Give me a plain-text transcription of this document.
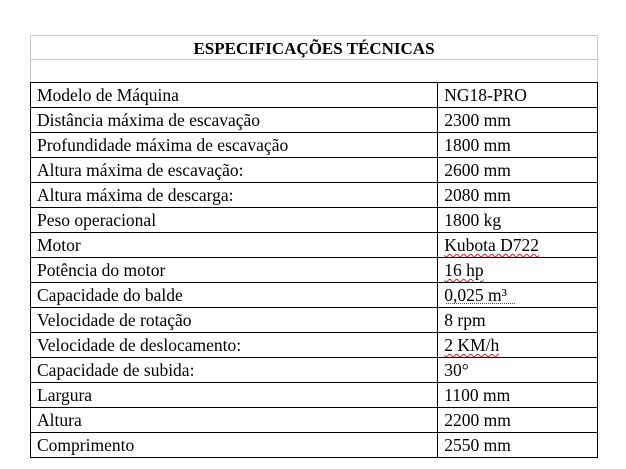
ESPECIFICAÇÕES TÉCNICAS
Modelo de Máquina	NG18-PRO
Distância máxima de escavação	2300 mm
Profundidade máxima de escavação	1800 mm
Altura máxima de escavação:	2600 mm
Altura máxima de descarga:	2080 mm
Peso operacional	1800 kg
Motor	Kubota D722
Potência do motor	16 hp
Capacidade do balde	0,025 m³
Velocidade de rotação	8 rpm
Velocidade de deslocamento:	2 KM/h
Capacidade de subida:	30°
Largura	1100 mm
Altura	2200 mm
Comprimento	2550 mm
